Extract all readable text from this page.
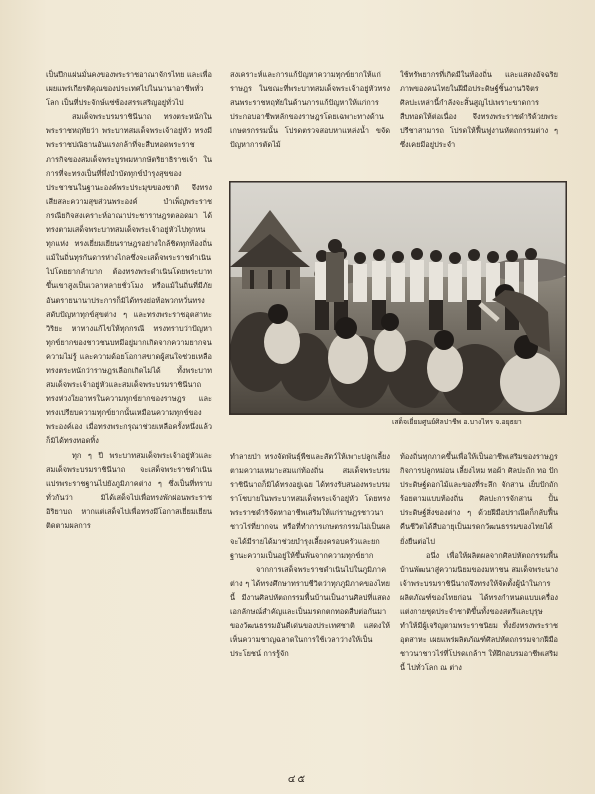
เป็นปึกแผ่นมั่นคงของพระราชอาณาจักรไทย และเพื่อเผยแพร่เกียรติคุณของประเทศไปในนานาอาชีพทั่วโลก เป็นที่ประจักษ์แซ่ซ้องสรรเสริญอยู่ทั่วไป

สมเด็จพระบรมราชินีนาถ ทรงตระหนักในพระราชหฤทัยว่า พระบาทสมเด็จพระเจ้าอยู่หัว ทรงมีพระราชปณิธานอันแรงกล้าที่จะสืบทอดพระราชภารกิจของสมเด็จพระบูรพมหากษัตริยาธิราชเจ้า ในการที่จะทรงเป็นที่พึ่งบำบัดทุกข์บำรุงสุขของประชาชนในฐานะองค์พระประมุขของชาติ จึงทรงเสียสละความสุขส่วนพระองค์ บำเพ็ญพระราชกรณียกิจสงเคราะห์อาณาประชาราษฎรตลอดมา ได้ทรงตามเสด็จพระบาทสมเด็จพระเจ้าอยู่หัวไปทุกหนทุกแห่ง ทรงเยี่ยมเยียนราษฎรอย่างใกล้ชิดทุกท้องถิ่น แม้ในถิ่นทุรกันดารห่างไกลซึ่งจะเสด็จพระราชดำเนินไปโดยยากลำบาก ต้องทรงพระดำเนินโดยพระบาทขึ้นเขาสูงเป็นเวลาหลายชั่วโมง หรือแม้ในถิ่นที่มีภัยอันตรายนานาประการก็มิได้ทรงย่อท้อพวกหวั่นทรงสดับปัญหาทุกข์สุขต่าง ๆ และทรงพระราชอุตสาหะวิริยะ หาทางแก้ไขให้ทุกกรณี ทรงทราบว่าปัญหาทุกข์ยากของชาวชนบทมีอยู่มากเกิดจากความยากจน ความไม่รู้ และความด้อยโอกาสขาดผู้สนใจช่วยเหลือ ทรงตระหนักว่าราษฎรเลือกเกิดไม่ได้ ทั้งพระบาทสมเด็จพระเจ้าอยู่หัวและสมเด็จพระบรมราชินีนาถ ทรงห่วงใยอาทรในความทุกข์ยากของราษฎร และทรงเปรียบความทุกข์ยากนั้นเหมือนความทุกข์ของพระองค์เอง เมื่อทรงพระกรุณาช่วยเหลือครั้งหนึ่งแล้วก็มิได้ทรงทอดทิ้ง

ทุก ๆ ปี พระบาทสมเด็จพระเจ้าอยู่หัวและสมเด็จพระบรมราชินีนาถ จะเสด็จพระราชดำเนินแปรพระราชฐานไปยังภูมิภาคต่าง ๆ ซึ่งเป็นที่ทราบทั่วกันว่า มิได้เสด็จไปเพื่อทรงพักผ่อนพระราชอิริยาบถ หากแต่เสด็จไปเพื่อทรงมีโอกาสเยี่ยมเยียนติดตามผลการ

สงเคราะห์และการแก้ปัญหาความทุกข์ยากให้แก่ราษฎร ในขณะที่พระบาทสมเด็จพระเจ้าอยู่หัวทรงสนพระราชหฤทัยในด้านการแก้ปัญหาให้แก่การประกอบอาชีพหลักของราษฎรโดยเฉพาะทางด้านเกษตรกรรมนั้น โปรดตรวจสอบหาแหล่งน้ำ ขจัดปัญหาการตัดไม้

ใช้ทรัพยากรที่เกิดมีในท้องถิ่น และแสดงอัจฉริยภาพของคนไทยในฝีมือประดิษฐ์ชิ้นงานวิจิตร ศิลปะเหล่านี้กำลังจะสิ้นสูญไปเพราะขาดการสืบทอดให้ต่อเนื่อง จึงทรงพระราชดำริด้วยพระปรีชาสามารถ โปรดให้ฟื้นฟูงานหัตถกรรมต่าง ๆ ซึ่งเคยมีอยู่ประจำ

เสด็จเยี่ยมศูนย์ศิลปาชีพ อ.บางไทร จ.อยุธยา

ทำลายป่า ทรงจัดพันธุ์พืชและสัตว์ให้เพาะปลูกเลี้ยงตามความเหมาะสมแก่ท้องถิ่น สมเด็จพระบรมราชินีนาถก็มิได้ทรงอยู่เฉย ได้ทรงรับสนองพระบรมราโชบายในพระบาทสมเด็จพระเจ้าอยู่หัว โดยทรงพระราชดำริจัดหาอาชีพเสริมให้แก่ราษฎรชาวนาชาวไร่ที่ยากจน หรือที่ทำการเกษตรกรรมไม่เป็นผลจะได้มีรายได้มาช่วยบำรุงเลี้ยงครอบครัวและยกฐานะความเป็นอยู่ให้ขึ้นพ้นจากความทุกข์ยาก

จากการเสด็จพระราชดำเนินไปในภูมิภาคต่าง ๆ ได้ทรงศึกษาทราบชีวิตว่าทุกภูมิภาคของไทยนี้ มีงานศิลปหัตถกรรมพื้นบ้านเป็นงานศิลปที่แสดงเอกลักษณ์สำคัญและเป็นมรดกตกทอดสืบต่อกันมาของวัฒนธรรมอันดีเด่นของประเทศชาติ แสดงให้เห็นความชาญฉลาดในการใช้เวลาว่างให้เป็นประโยชน์ การรู้จัก

ท้องถิ่นทุกภาคขึ้นเพื่อให้เป็นอาชีพเสริมของราษฎร กิจการปลูกหม่อน เลี้ยงไหม ทอผ้า ศิลปะถัก ทอ ปัก ประดิษฐ์ดอกไม้และของที่ระลึก จักสาน เย็บปักถักร้อยตามแบบท้องถิ่น ศิลปะการจักสาน ปั้น ประดิษฐ์สิ่งของต่าง ๆ ด้วยฝีมือปราณีตก็กลับฟื้นคืนชีวิตได้สืบอายุเป็นมรดกวัฒนธรรมของไทยได้ยั่งยืนต่อไป

อนึ่ง เพื่อให้ผลิตผลจากศิลปหัตถกรรมพื้นบ้านพัฒนาสู่ความนิยมของมหาชน สมเด็จพระนางเจ้าพระบรมราชินีนาถจึงทรงให้จัดตั้งผู้นำในการผลิตภัณฑ์ของไทยก่อน ได้ทรงกำหนดแบบเครื่องแต่งกายชุดประจำชาติขึ้นทั้งของสตรีและบุรุษ ทำให้มีผู้เจริญตามพระราชนิยม ทั้งยังทรงพระราชอุตสาหะ เผยแพร่ผลิตภัณฑ์ศิลปหัตถกรรมจากฝีมือชาวนาชาวไร่ที่โปรดเกล้าฯ ให้ฝึกอบรมอาชีพเสริมนี้ ไปทั่วโลก ณ ต่าง

๔๕
